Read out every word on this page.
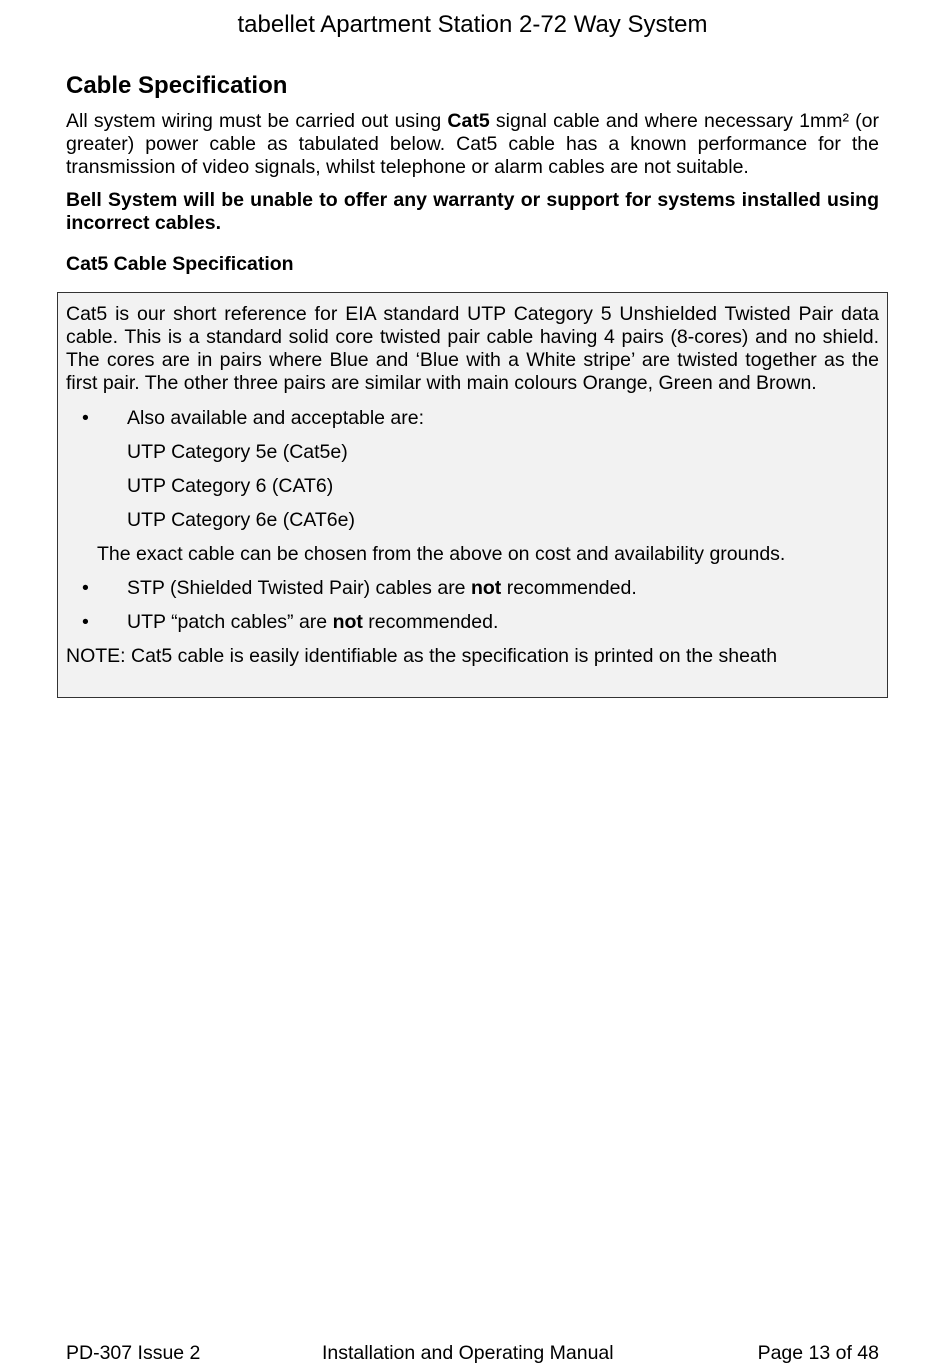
tabellet Apartment Station 2-72 Way System
Cable Specification

All system wiring must be carried out using Cat5 signal cable and where necessary 1mm² (or greater) power cable as tabulated below. Cat5 cable has a known performance for the transmission of video signals, whilst telephone or alarm cables are not suitable.

Bell System will be unable to offer any warranty or support for systems installed using incorrect cables.

Cat5 Cable Specification

Cat5 is our short reference for EIA standard UTP Category 5 Unshielded Twisted Pair data cable. This is a standard solid core twisted pair cable having 4 pairs (8-cores) and no shield. The cores are in pairs where Blue and ‘Blue with a White stripe’ are twisted together as the first pair. The other three pairs are similar with main colours Orange, Green and Brown.

• Also available and acceptable are:
UTP Category 5e (Cat5e)
UTP Category 6 (CAT6)
UTP Category 6e (CAT6e)
The exact cable can be chosen from the above on cost and availability grounds.
• STP (Shielded Twisted Pair) cables are not recommended.
• UTP “patch cables” are not recommended.

NOTE: Cat5 cable is easily identifiable as the specification is printed on the sheath

PD-307 Issue 2	Installation and Operating Manual	Page 13 of 48
